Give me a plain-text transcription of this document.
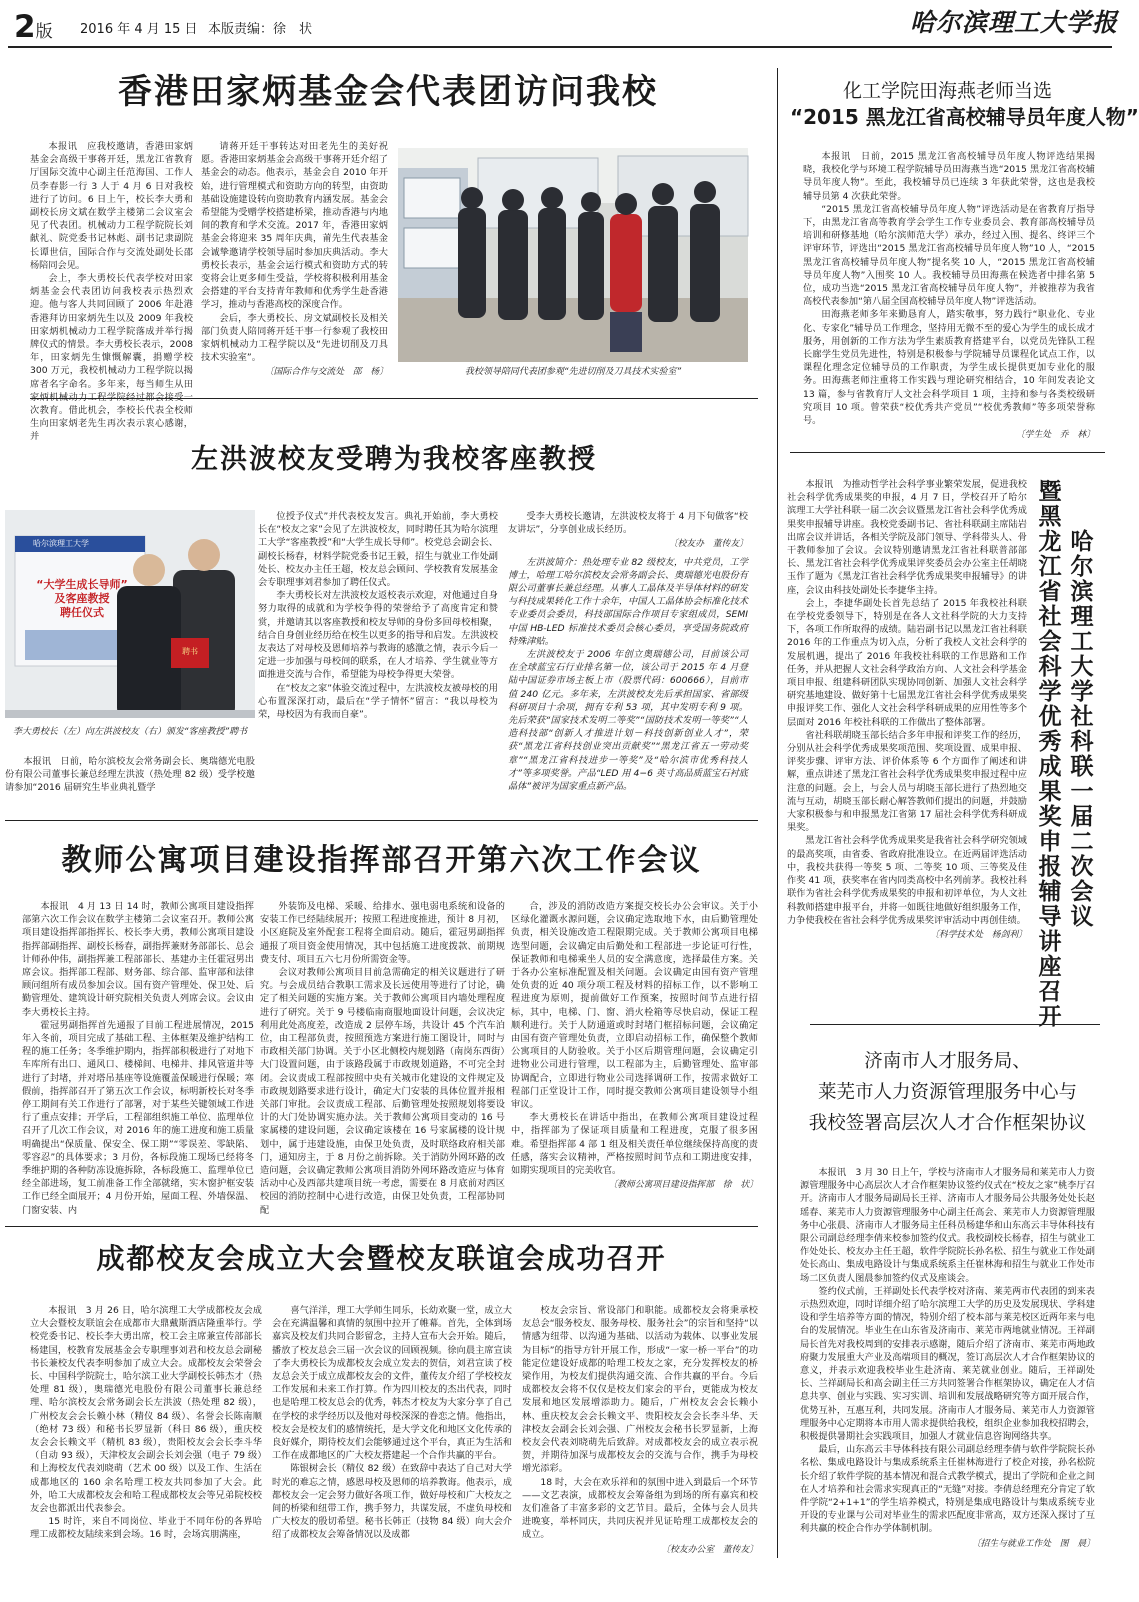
2版 2016 年 4 月 15 日 本版责编：徐　状	哈尔滨理工大学报
香港田家炳基金会代表团访问我校

本报讯　应我校邀请，香港田家炳基金会高级干事蒋开廷，黑龙江省教育厅国际交流中心副主任范海国、工作人员李春影一行 3 人于 4 月 6 日对我校进行了访问。6 日上午，校长李大勇和副校长房文斌在数学主楼第二会议室会见了代表团。机械动力工程学院院长刘献礼、院党委书记林彪、副书记隶副院长谭世信，国际合作与交流处副处长邵杨陪同会见。

会上，李大勇校长代表学校对田家炳基金会代表团访问我校表示热烈欢迎。他与客人共同回顾了 2006 年赴港香港拜访田家炳先生以及 2009 年我校田家炳机械动力工程学院落成并举行揭牌仪式的情景。李大勇校长表示，2008 年，田家炳先生慷慨解囊，捐赠学校 300 万元，我校机械动力工程学院以揭席者名字命名。多年来，每当师生从田家炳机械动力工程学院经过都会接受一次教育。借此机会，李校长代表全校师生向田家炳老先生再次表示衷心感谢，并

请蒋开廷干事转达对田老先生的美好祝愿。香港田家炳基金会高级干事蒋开廷介绍了基金会的动态。他表示，基金会自 2010 年开始，进行管理模式和资助方向的转型，由资助基础设施建设转向资助教育内涵发展。基金会希望能为受赠学校搭建桥梁，推动香港与内地间的教育和学术交流。2017 年，香港田家炳基金会将迎来 35 周年庆典，莆先生代表基金会诚挚邀请学校领导届时参加庆典活动。李大勇校长表示，基金会运行模式和资助方式的转变将会让更多师生受益，学校将积极利用基金会搭建的平台支持青年教师和优秀学生赴香港学习，推动与香港高校的深度合作。

会后，李大勇校长、房文斌副校长及相关部门负责人陪同蒋开廷干事一行参观了我校田家炳机械动力工程学院以及“先进切削及刀具技术实验室”。

〔国际合作与交流处　邵　杨〕	我校领导陪同代表团参观“先进切削及刀具技术实验室”
左洪波校友受聘为我校客座教授
哈尔滨理工大学
“大学生成长导师”
及客座教授
聘任仪式
聘书
李大勇校长（左）向左洪波校友（右）颁发“客座教授”聘书

本报讯　日前，哈尔滨校友会常务副会长、奥瑞德光电股份有限公司董事长兼总经理左洪波（热处理 82 级）受学校邀请参加“2016 届研究生毕业典礼暨学

位授予仪式”并代表校友发言。典礼开始前，李大勇校长在“校友之家”会见了左洪波校友，同时聘任其为哈尔滨理工大学“客座教授”和“大学生成长导师”。校党总会副会长、副校长杨春，材料学院党委书记王毅，招生与就业工作处副处长、校友办主任王超，校友总会顾问、学校教育发展基金会专职理事刘君参加了聘任仪式。

李大勇校长对左洪波校友返校表示欢迎，对他通过自身努力取得的成就和为学校争得的荣誉给予了高度肯定和赞赏，并邀请其以客座教授和校友导师的身份多回母校相聚，结合自身创业经历给在校生以更多的指导和启发。左洪波校友表达了对母校及恩师培养与教诲的感激之情，表示今后一定进一步加强与母校间的联系，在人才培养、学生就业等方面推进交流与合作，希望能为母校争得更大荣誉。

在“校友之家”体验交流过程中，左洪波校友被母校的用心布置深深打动，最后在“学子情怀”留言：“我以母校为荣，母校因为有我而自豪”。

受李大勇校长邀请，左洪波校友将于 4 月下旬做客“校友讲坛”，分享创业成长经历。

〔校友办　董传友〕

左洪波简介：热处理专业 82 级校友，中共党员，工学博士，哈理工哈尔滨校友会常务副会长、奥瑞德光电股份有限公司董事长兼总经理。从事人工晶体及半导体材料的研发与科技成果转化工作十余年，中国人工晶体协会标准化技术专业委员会委员，科技部国际合作项目专家组成员，SEMI 中国 HB-LED 标准技术委员会核心委员，享受国务院政府特殊津贴。

左洪波校友于 2006 年创立奥瑞德公司，目前该公司在全球蓝宝石行业排名第一位，该公司于 2015 年 4 月登陆中国证券市场主板上市（股票代码：600666），目前市值 240 亿元。多年来，左洪波校友先后承担国家、省部级科研项目十余项，拥有专利 53 项，其中发明专利 9 项。先后荣获“国家技术发明二等奖”“国防技术发明一等奖”“人造科技部“创新人才推进计划－科技创新创业人才”，荣获“黑龙江省科技创业突出贡献奖”“黑龙江省五一劳动奖章”“黑龙江省科技进步一等奖”及“哈尔滨市优秀科技人才”等多项奖誉。产品“LED 用 4−6 英寸高品质蓝宝石衬底晶体”被评为国家重点新产品。

教师公寓项目建设指挥部召开第六次工作会议

本报讯　4 月 13 日 14 时，教师公寓项目建设指挥部第六次工作会议在数学主楼第二会议室召开。教师公寓项目建设指挥部指挥长、校长李大勇，教师公寓项目建设指挥部副指挥、副校长杨春，副指挥兼财务部部长、总会计师孙仲伟，副指挥兼工程部部长、基建办主任霍冠男出席会议。指挥部工程部、财务部、综合部、监审部和法律顾问组所有成员参加会议。国有资产管理处、保卫处、后勤管理处、建筑设计研究院相关负责人列席会议。会议由李大勇校长主持。

霍冠男副指挥首先通报了目前工程进展情况，2015 年入冬前，项目完成了基础工程、主体框架及维护结构工程的施工任务；冬季维护期内，指挥部积极进行了对地下车库所有出口、通风口、楼梯间、电梯井、排风管道井等进行了封堵，并对塔吊基座等设施覆盖保暖进行保暖；寒假前，指挥部召开了第五次工作会议，标明新校长对冬季停工期间有关工作进行了部署，对于某些关键领域工作进行了重点安排；开学后，工程部组织施工单位、监理单位召开了几次工作会议，对 2016 年的施工进度和施工质量明确提出“保质量、保安全、保工期”“零误差、零缺陷、零容忍”的具体要求；3 月份，各标段施工现场已经将冬季维护期的各种防冻设施拆除，各标段施工、监理单位已经全部进场，复工前准备工作全部就绪，实木窗护框安装工作已经全面展开；4 月份开始，屋面工程、外墙保温、门窗安装、内

外装饰及电梯、采暖、给排水、强电弱电系统和设备的安装工作已经陆续展开；按照工程进度推进，预计 8 月初，小区庭院及室外配套工程将全面启动。随后，霍冠男副指挥通报了项目资金使用情况，其中包括施工进度拨款、前期规费支付、项目五六七月份所需资金等。

会议对教师公寓项目目前急需确定的相关议题进行了研究。与会成员结合教职工需求及长远使用等进行了讨论，确定了相关问题的实施方案。关于教师公寓项目内墙处理程度进行了研究。关于 9 号楼临南商服地面设计问题，会议决定利用此处高度差，改造成 2 层停车场，共设计 45 个汽车泊位，由工程部负责，按照预选方案进行施工图设计，同时与市政相关部门协调。关于小区北侧校内规划路（南岗东西街）大门设置问题，由于该路段属于市政规划道路，不可完全封闭。会议责成工程部按照中央有关城市化建设的文件规定及市政规划路要求进行设计，确定大门安装的具体位置并报相关部门审批。会议责成工程部、后勤管理处按照规划将要设计的大门处协调实施办法。关于教师公寓项目变动的 16 号家属楼的建设问题，会议确定该楼在 16 号家属楼的设计规划中，属于违建设施，由保卫处负责，及时联络政府相关部门，通知房主，于 8 月份之前拆除。关于消防外网环路的改造问题，会议确定教师公寓项目消防外网环路改造应与体育活动中心及西部共建项目统一考虑，需要在 8 月底前对西区校园的消防控制中心进行改造，由保卫处负责，工程部协同配

合，涉及的消防改造方案提交校长办公会审议。关于小区绿化灌溉水源问题，会议确定选取地下水，由后勤管理处负责，相关设施改造工程限期完成。关于教师公寓项目电梯选型问题，会议确定由后勤处和工程部进一步论证可行性，保证教师和电梯乘坐人员的安全满意度，选择最佳方案。关于各办公室标准配置及相关问题。会议确定由国有资产管理处负责的近 40 项分项工程及材料的招标工作，以不影响工程进度为原则，提前做好工作预案，按照时间节点进行招标，其中，电梯、门、窗、消火栓箱等尽快启动，保证工程顺利进行。关于人防通道或时封堵门框招标问题，会议确定由国有资产管理处负责，立即启动招标工作，确保整个教师公寓项目的人防验收。关于小区后期管理问题，会议确定引进物业公司进行管理，以工程部为主，后勤管理处、监审部协调配合，立即进行物业公司选择调研工作，按需求做好工程部门正堂设计工作，同时提交教师公寓项目建设领导小组审议。

李大勇校长在讲话中指出，在教师公寓项目建设过程中，指挥部为了保证项目质量和工程进度，克服了很多困难。希望指挥部 4 部 1 组及相关责任单位继续保持高度的责任感，落实会议精神，严格按照时间节点和工期进度安排，如期实现项目的完美收官。

〔教师公寓项目建设指挥部　徐　状〕
成都校友会成立大会暨校友联谊会成功召开

本报讯　3 月 26 日，哈尔滨理工大学成都校友会成立大会暨校友联谊会在成都市大鼎戴斯酒店隆重举行。学校党委书记、校长李大勇出席，校工会主席兼宣传部部长杨建国，校教育发展基金会专职理事刘君和校友总会副秘书长兼校友代表李明参加了成立大会。成都校友会荣誉会长、中国科学院院士，哈尔滨工业大学副校长韩杰才（热处理 81 级），奥瑞德光电股份有限公司董事长兼总经理、哈尔滨校友会常务副会长左洪波（热处理 82 级），广州校友会会长赖小林（精仪 84 级）、名誉会长陈南顺（绝材 73 级）和秘书长罗显新（科日 86 级），重庆校友会会长赖文平（精机 83 级），贵阳校友会会长李斗华（自动 93 级），天津校友会副会长刘会强（电子 79 级）和上海校友代表刘晓萌（艺术 00 级）以及工作、生活在成都地区的 160 余名哈理工校友共同参加了大会。此外，哈工大成都校友会和哈工程成都校友会等兄弟院校校友会也都派出代表参会。

15 时许，来自不同岗位、毕业于不同年份的各界哈理工成都校友陆续来到会场。16 时，会场宾朋满座，

喜气洋洋，理工大学师生同乐，长幼欢聚一堂，成立大会在充满温馨和真情的氛围中拉开了帷幕。首先，全体到场嘉宾及校友们共同合影留念，主持人宣布大会开始。随后，播放了校友总会三届一次会议的回顾视频。徐向晨主席宣读了李大勇校长为成都校友会成立发去的贺信，刘君宣读了校友总会关于成立成都校友会的文件，董传友介绍了学校校友工作发展和未来工作打算。作为四川校友的杰出代表，同时也是哈理工校友总会的优秀，韩杰才校友为大家分享了自己在学校的求学经历以及他对母校深深的眷恋之情。他指出，校友会是校友们的感情统托，是大学文化和地区文化传承的良好媒介，期待校友们会能够通过这个平台，真正为生活和工作在成都地区的广大校友搭建起一个合作共赢的平台。

陈银树会长（精仪 82 级）在致辞中表达了自己对大学时光的难忘之情，感恩母校及恩师的培养教诲。他表示，成都校友会一定会努力做好各项工作，做好母校和广大校友之间的桥梁和纽带工作，携手努力，共谋发展，不虚负母校和广大校友的殷切希望。秘书长韩正（技物 84 级）向大会介绍了成都校友会筹备情况以及成都

校友会宗旨、常设部门和职能。成都校友会将秉承校友总会“服务校友、服务母校、服务社会”的宗旨和坚持“以情感为纽带、以沟通为基础、以活动为载体、以事业发展为目标”的指导方针开展工作，形成“一家一桥一平台”的功能定位建设好成都的哈理工校友之家，充分发挥校友的桥梁作用，为校友们提供沟通交流、合作共赢的平台。今后成都校友会将不仅仅是校友们家会的平台，更能成为校友发展和地区发展增添助力。随后，广州校友会会长赖小林、重庆校友会会长赖文平、贵阳校友会会长李斗华、天津校友会副会长刘会强、广州校友会秘书长罗显新，上海校友会代表刘晓萌先后致辞。对成都校友会的成立表示祝贺，并期待加深与成都校友会的交流与合作，携手为母校增光添彩。

18 时，大会在欢乐祥和的氛围中进入到最后一个环节——文艺表演，成都校友会筹备组为到场的所有嘉宾和校友们准备了丰富多彩的文艺节目。最后，全体与会人员共进晚宴，举杯同庆，共同庆祝并见证哈理工成都校友会的成立。

〔校友办公室　董传友〕
化工学院田海燕老师当选
“2015 黑龙江省高校辅导员年度人物”

本报讯　日前，2015 黑龙江省高校辅导员年度人物评选结果揭晓，我校化学与环境工程学院辅导员田海燕当选“2015 黑龙江省高校辅导员年度人物”。至此，我校辅导员已连续 3 年获此荣誉，这也是我校辅导员第 4 次获此荣誉。

“2015 黑龙江省高校辅导员年度人物”评选活动是在省教育厅指导下，由黑龙江省高等教育学会学生工作专业委员会、教育部高校辅导员培训和研修基地（哈尔滨师范大学）承办，经过入围、提名、终评三个评审环节，评选出“2015 黑龙江省高校辅导员年度人物”10 人，“2015 黑龙江省高校辅导员年度人物”提名奖 10 人，“2015 黑龙江省高校辅导员年度人物”入围奖 10 人。我校辅导员田海燕在候选者中排名第 5 位，成功当选“2015 黑龙江省高校辅导员年度人物”，并被推荐为我省高校代表参加“第八届全国高校辅导员年度人物”评选活动。

田海燕老师多年来勤恳育人，踏实敬事，努力践行“职业化、专业化、专家化”辅导员工作理念，坚持用无微不至的爱心为学生的成长成才服务，用创新的工作方法为学生素质教育搭建平台，以党员先锋队工程长廊学生党员先进性，特别是积极参与学院辅导员课程化试点工作，以课程化理念定位辅导员的工作职责，为学生成长提供更加专业化的服务。田海燕老师注重将工作实践与理论研究相结合，10 年间发表论文 13 篇，参与省教育厅人文社会科学项目 1 项，主持和参与各类校级研究项目 10 项。曾荣获“校优秀共产党员”“校优秀教师”等多项荣誉称号。

〔学生处　乔　林〕

本报讯　为推动哲学社会科学事业繁荣发展，促进我校社会科学优秀成果奖的申报，4 月 7 日，学校召开了哈尔滨理工大学社科联一届二次会议暨黑龙江省社会科学优秀成果奖申报辅导讲座。我校党委副书记、省社科联副主席陆岩出席会议并讲话，各相关学院及部门领导、学科带头人、骨干教师参加了会议。会议特别邀请黑龙江省社科联普部部长、黑龙江省社会科学优秀成果评奖委员会办公室主任胡晓玉作了题为《黑龙江省社会科学优秀成果奖申报辅导》的讲座，会议由科技处副处长李捷华主持。

会上，李捷华副处长首先总结了 2015 年我校社科联在学校党委领导下，特别是在各人文社科学院的大力支持下，各项工作所取得的成绩。陆岩副书记以黑龙江省社科联 2016 年的工作重点为切入点，分析了我校人文社会科学的发展机遇，提出了 2016 年我校社科联的工作思路和工作任务，并从把握人文社会科学政治方向、人文社会科学基金项目申报、组建科研团队实现协同创新、加强人文社会科学研究基地建设、做好第十七届黑龙江省社会科学优秀成果奖申报评奖工作、强化人文社会科学科研成果的应用性等多个层面对 2016 年校社科联的工作做出了整体部署。

省社科联胡晓玉部长结合多年申报和评奖工作的经历，分别从社会科学优秀成果奖项范围、奖项设置、成果申报、评奖步骤、评审方法、评价体系等 6 个方面作了阐述和讲解，重点讲述了黑龙江省社会科学优秀成果奖申报过程中应注意的问题。会上，与会人员与胡晓玉部长进行了热烈地交流与互动，胡晓玉部长耐心解答教师们提出的问题，并鼓励大家积极参与和申报黑龙江省第 17 届社会科学优秀科研成果奖。

黑龙江省社会科学优秀成果奖是我省社会科学研究领域的最高奖项，由省委、省政府批准设立。在近两届评选活动中，我校共获得一等奖 5 项、二等奖 10 项、三等奖及佳作奖 41 项，获奖率在省内同类高校中名列前茅。我校社科联作为省社会科学优秀成果奖的申报和初评单位，为人文社科教师搭建申报平台，并将一如既往地做好组织服务工作，力争使我校在省社会科学优秀成果奖评审活动中再创佳绩。

〔科学技术处　杨剑利〕
暨黑龙江省社会科学优秀成果奖申报辅导讲座召开
哈尔滨理工大学社科联一届二次会议
济南市人才服务局、
莱芜市人力资源管理服务中心与
我校签署高层次人才合作框架协议

本报讯　3 月 30 日上午，学校与济南市人才服务局和莱芜市人力资源管理服务中心高层次人才合作框架协议签约仪式在“校友之家”桃李厅召开。济南市人才服务局副局长王祥、济南市人才服务局公共服务处处长赵瑶春、莱芜市人力资源管理服务中心副主任高会、莱芜市人力资源管理服务中心张晨、济南市人才服务局主任科员杨建华和山东高云丰导体科技有限公司副总经理李倩来校参加签约仪式。我校副校长杨春，招生与就业工作处处长、校友办主任王超，软件学院院长孙名松、招生与就业工作处副处长高山、集成电路设计与集成系统系主任崔林海和招生与就业工作处市场二区负责人图晨参加签约仪式及座谈会。

签约仪式前，王祥副处长代表学校对济南、莱芜两市代表团的到来表示热烈欢迎，同时详细介绍了哈尔滨理工大学的历史及发展现状、学科建设和学生培养等方面的情况，特别介绍了校本部与莱芜校区近两年来与电台的发展情况。毕业生在山东省及济南市、莱芜市两地就业情况。王祥副局长首先对我校周到的安排表示感谢，随后介绍了济南市、莱芜市两地政府聚力发展重大产业及高端项目的概况，签订高层次人才合作框架协议的意义，并表示欢迎我校毕业生赴济南、莱芜就业创业。随后，王祥副处长、兰祥副局长和高会副主任三方共同签署合作框架协议，确定在人才信息共享、创业与实践、实习实训、培训和发展战略研究等方面开展合作，优势互补，互惠互利，共同发展。济南市人才服务局、莱芜市人力资源管理服务中心定期将本市用人需求提供给我校，组织企业参加我校招聘会，积极提供暑期社会实践项目，加强人才就业信息咨询网络共享。

最后，山东高云丰导体科技有限公司副总经理李倩与软件学院院长孙名松、集成电路设计与集成系统系主任崔林海进行了校企对接，孙名松院长介绍了软件学院的基本情况和混合式教学模式，提出了学院和企业之间在人才培养和社会需求实现真正的“无缝”对接。李倩总经理充分肯定了软件学院“2+1+1”的学生培养模式，特别是集成电路设计与集成系统专业开设的专业课与公司对毕业生的需求匹配度非常高，双方还深入探讨了互利共赢的校企合作办学体制机制。

〔招生与就业工作处　图　晨〕
